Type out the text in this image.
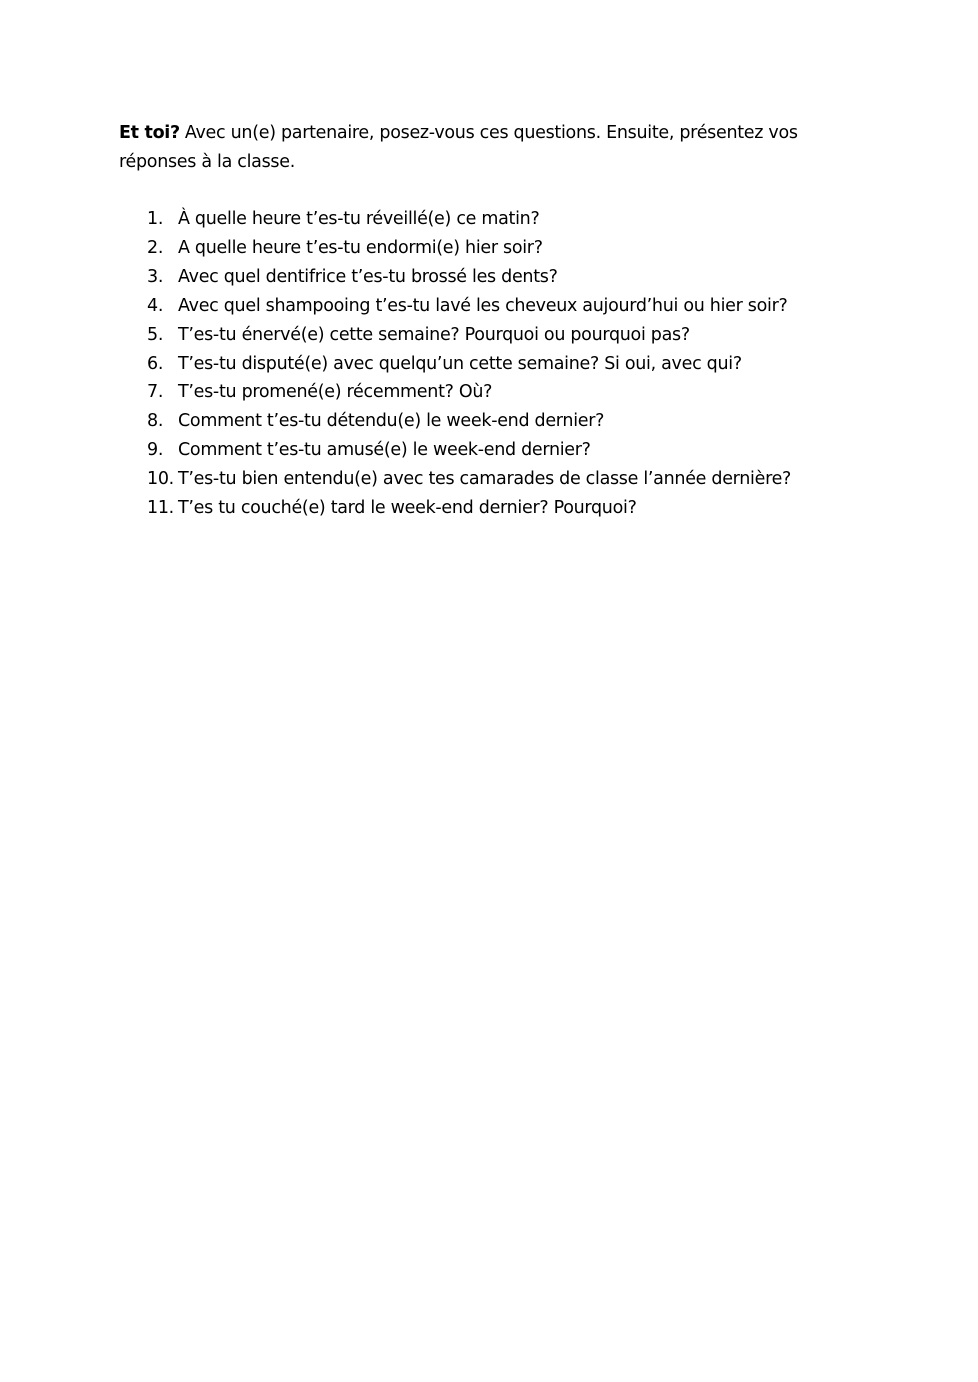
Et toi? Avec un(e) partenaire, posez-vous ces questions. Ensuite, présentez vos réponses à la classe.

1. À quelle heure t’es-tu réveillé(e) ce matin?
2. A quelle heure t’es-tu endormi(e) hier soir?
3. Avec quel dentifrice t’es-tu brossé les dents?
4. Avec quel shampooing t’es-tu lavé les cheveux aujourd’hui ou hier soir?
5. T’es-tu énervé(e) cette semaine? Pourquoi ou pourquoi pas?
6. T’es-tu disputé(e) avec quelqu’un cette semaine? Si oui, avec qui?
7. T’es-tu promené(e) récemment? Où?
8. Comment t’es-tu détendu(e) le week-end dernier?
9. Comment t’es-tu amusé(e) le week-end dernier?
10. T’es-tu bien entendu(e) avec tes camarades de classe l’année dernière?
11. T’es tu couché(e) tard le week-end dernier? Pourquoi?
